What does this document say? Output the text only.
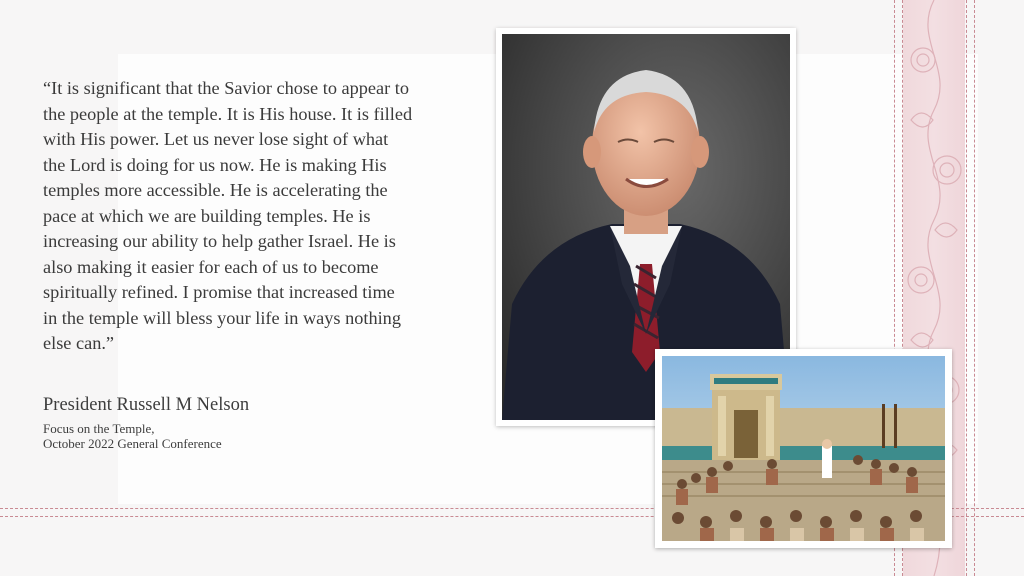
“It is significant that the Savior chose to appear to
the people at the temple. It is His house. It is filled
with His power. Let us never lose sight of what
the Lord is doing for us now. He is making His
temples more accessible. He is accelerating the
pace at which we are building temples. He is
increasing our ability to help gather Israel. He is
also making it easier for each of us to become
spiritually refined. I promise that increased time
in the temple will bless your life in ways nothing
else can.”

President Russell M Nelson

Focus on the Temple,
October 2022 General Conference
